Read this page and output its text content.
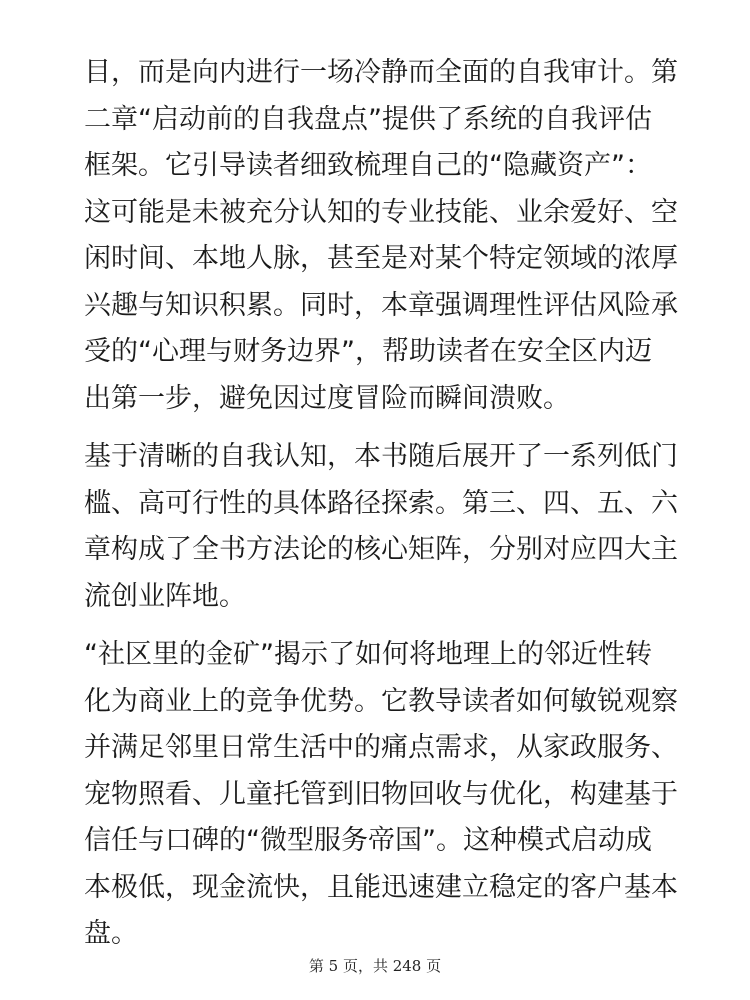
目，而是向内进行一场冷静而全面的自我审计。第
二章“启动前的自我盘点”提供了系统的自我评估
框架。它引导读者细致梳理自己的“隐藏资产”：
这可能是未被充分认知的专业技能、业余爱好、空
闲时间、本地人脉，甚至是对某个特定领域的浓厚
兴趣与知识积累。同时，本章强调理性评估风险承
受的“心理与财务边界”，帮助读者在安全区内迈
出第一步，避免因过度冒险而瞬间溃败。
基于清晰的自我认知，本书随后展开了一系列低门
槛、高可行性的具体路径探索。第三、四、五、六
章构成了全书方法论的核心矩阵，分别对应四大主
流创业阵地。
“社区里的金矿”揭示了如何将地理上的邻近性转
化为商业上的竞争优势。它教导读者如何敏锐观察
并满足邻里日常生活中的痛点需求，从家政服务、
宠物照看、儿童托管到旧物回收与优化，构建基于
信任与口碑的“微型服务帝国”。这种模式启动成
本极低，现金流快，且能迅速建立稳定的客户基本
盘。
第 5 页，共 248 页
